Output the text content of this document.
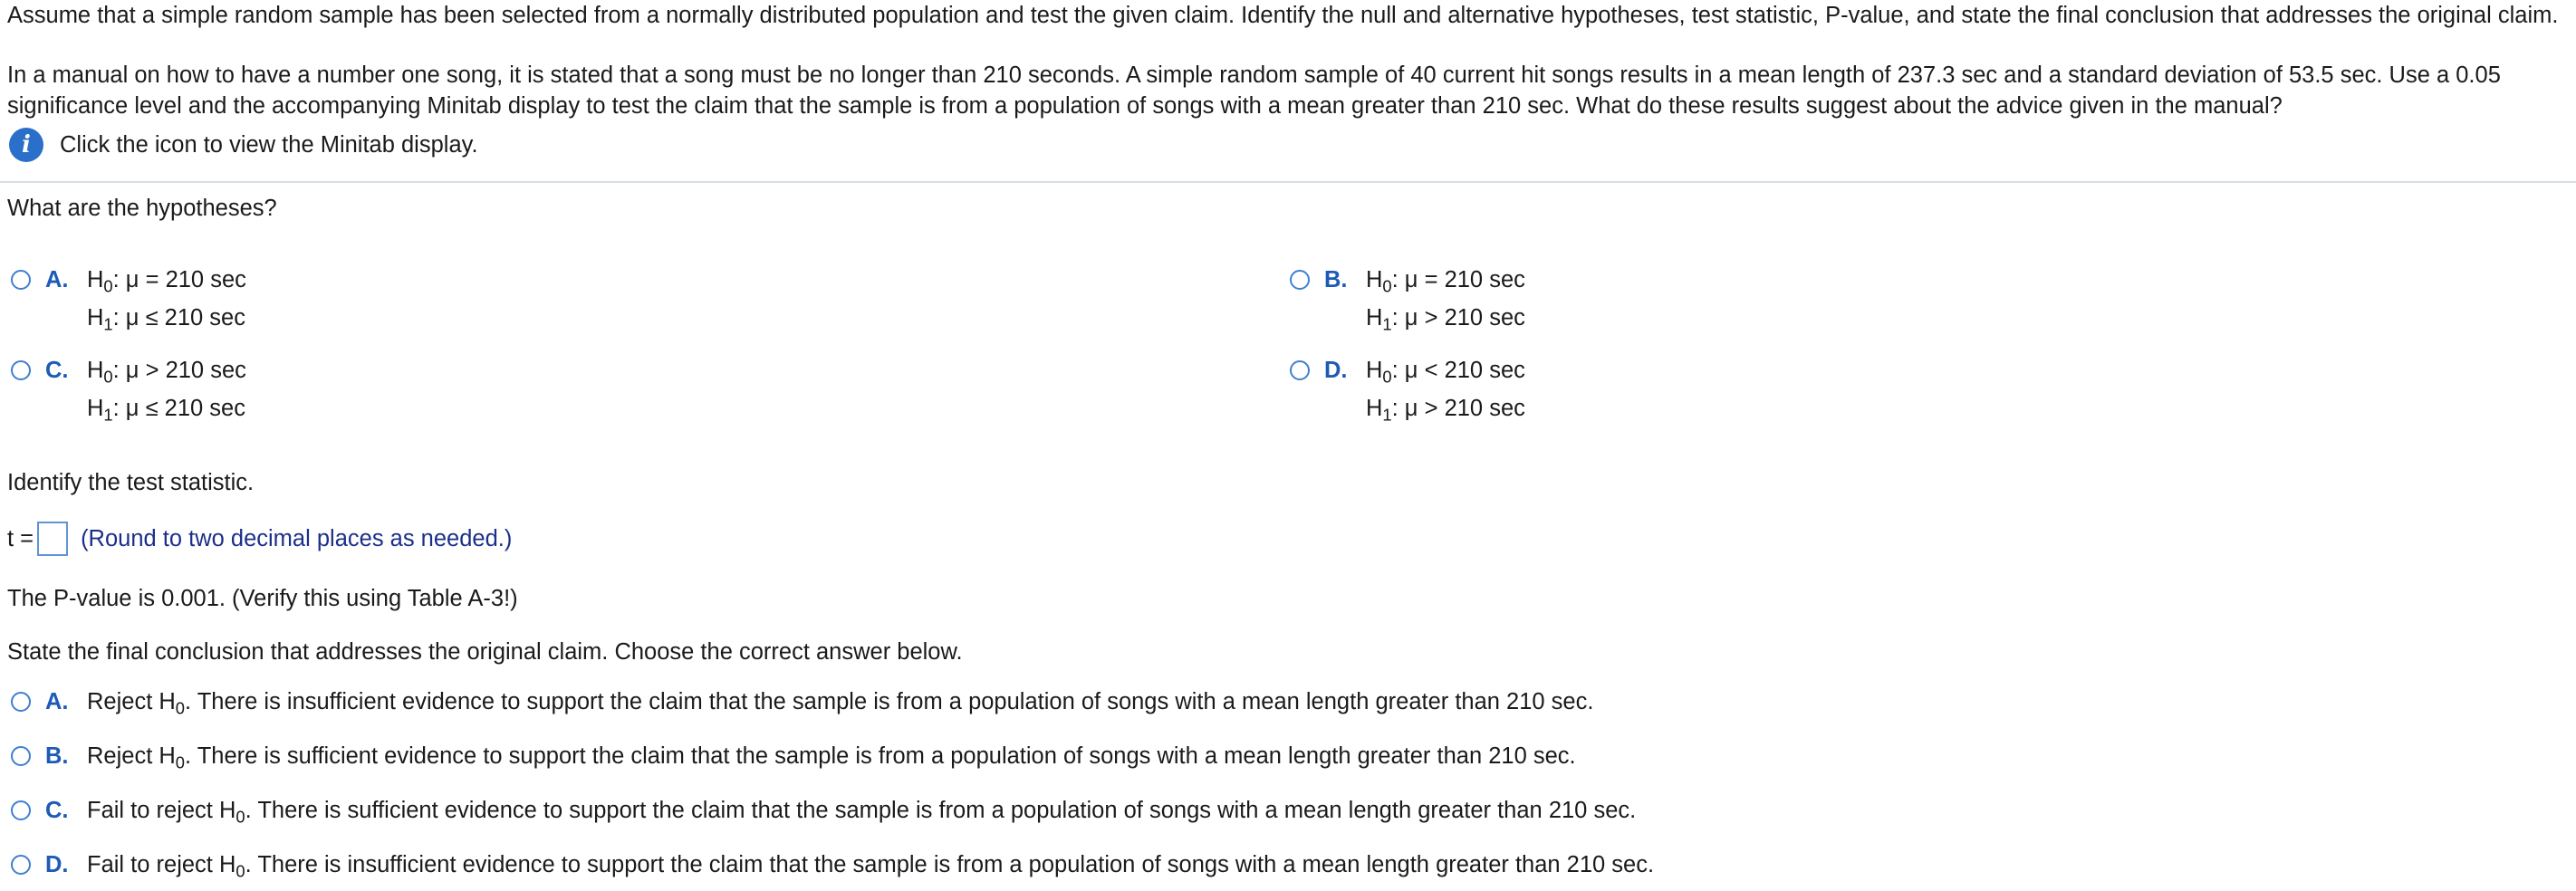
Assume that a simple random sample has been selected from a normally distributed population and test the given claim. Identify the null and alternative hypotheses, test statistic, P-value, and state the final conclusion that addresses the original claim.
In a manual on how to have a number one song, it is stated that a song must be no longer than 210 seconds. A simple random sample of 40 current hit songs results in a mean length of 237.3 sec and a standard deviation of 53.5 sec. Use a 0.05 significance level and the accompanying Minitab display to test the claim that the sample is from a population of songs with a mean greater than 210 sec. What do these results suggest about the advice given in the manual?
i	Click the icon to view the Minitab display.
What are the hypotheses?
A. $H_0$: μ = 210 sec
$H_1$: μ ≤ 210 sec
B. $H_0$: μ = 210 sec
$H_1$: μ > 210 sec
C. $H_0$: μ > 210 sec
$H_1$: μ ≤ 210 sec
D. $H_0$: μ < 210 sec
$H_1$: μ > 210 sec
Identify the test statistic.
t = (Round to two decimal places as needed.)
The P-value is 0.001. (Verify this using Table A-3!)
State the final conclusion that addresses the original claim. Choose the correct answer below.
A. Reject $H_0$. There is insufficient evidence to support the claim that the sample is from a population of songs with a mean length greater than 210 sec.
B. Reject $H_0$. There is sufficient evidence to support the claim that the sample is from a population of songs with a mean length greater than 210 sec.
C. Fail to reject $H_0$. There is sufficient evidence to support the claim that the sample is from a population of songs with a mean length greater than 210 sec.
D. Fail to reject $H_0$. There is insufficient evidence to support the claim that the sample is from a population of songs with a mean length greater than 210 sec.
